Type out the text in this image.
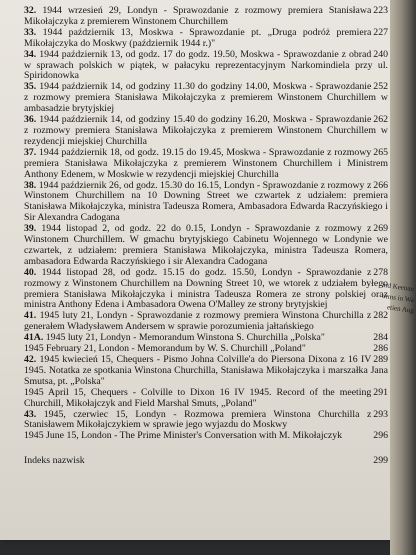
223
32. 1944 wrzesień 29, Londyn - Sprawozdanie z rozmowy premiera Stanisława Mikołajczyka z premierem Winstonem Churchillem
227
33. 1944 październik 13, Moskwa - Sprawozdanie pt. „Druga podróż premiera Mikołajczyka do Moskwy (październik 1944 r.)"
240
34. 1944 październik 13, od godz. 17 do godz. 19.50, Moskwa - Sprawozdanie z obrad w sprawach polskich w piątek, w pałacyku reprezentacyjnym Narkomindiela przy ul. Spiridonowka
252
35. 1944 październik 14, od godziny 11.30 do godziny 14.00, Moskwa - Sprawozdanie z rozmowy premiera Stanisława Mikołajczyka z premierem Winstonem Churchillem w ambasadzie brytyjskiej
262
36. 1944 październik 14, od godziny 15.40 do godziny 16.20, Moskwa - Sprawozdanie z rozmowy premiera Stanisława Mikołajczyka z premierem Winstonem Churchillem w rezydencji miejskiej Churchilla
265
37. 1944 październik 18, od godz. 19.15 do 19.45, Moskwa - Sprawozdanie z rozmowy premiera Stanisława Mikołajczyka z premierem Winstonem Churchillem i Ministrem Anthony Edenem, w Moskwie w rezydencji miejskiej Churchilla
266
38. 1944 październik 26, od godz. 15.30 do 16.15, Londyn - Sprawozdanie z rozmowy z Winstonem Churchillem na 10 Downing Street we czwartek z udziałem: premiera Stanisława Mikołajczyka, ministra Tadeusza Romera, Ambasadora Edwarda Raczyńskiego i Sir Alexandra Cadogana
269
39. 1944 listopad 2, od godz. 22 do 0.15, Londyn - Sprawozdanie z rozmowy z Winstonem Churchillem. W gmachu brytyjskiego Cabinetu Wojennego w Londynie we czwartek, z udziałem: premiera Stanisława Mikołajczyka, ministra Tadeusza Romera, ambasadora Edwarda Raczyńskiego i sir Alexandra Cadogana
278
40. 1944 listopad 28, od godz. 15.15 do godz. 15.50, Londyn - Sprawozdanie z rozmowy z Winstonem Churchillem na Downing Street 10, we wtorek z udziałem byłego premiera Stanisława Mikołajczyka i ministra Tadeusza Romera ze strony polskiej oraz ministra Anthony Edena i Ambasadora Owena O'Malley ze strony brytyjskiej
282
41. 1945 luty 21, Londyn - Sprawozdanie z rozmowy premiera Winstona Churchilla z generałem Władysławem Andersem w sprawie porozumienia jałtańskiego
284
41A. 1945 luty 21, Londyn - Memorandum Winstona S. Churchilla „Polska"
286
1945 February 21, London - Memorandum by W. S. Churchill „Poland"
289
42. 1945 kwiecień 15, Chequers - Pismo Johna Colville'a do Piersona Dixona z 16 IV 1945. Notatka ze spotkania Winstona Churchilla, Stanisława Mikołajczyka i marszałka Jana Smutsa, pt. „Polska"
291
1945 April 15, Chequers - Colville to Dixon 16 IV 1945. Record of the meeting Churchill, Mikołajczyk and Field Marshal Smuts, „Poland"
293
43. 1945, czerwiec 15, Londyn - Rozmowa premiera Winstona Churchilla z Stanisławem Mikołajczykiem w sprawie jego wyjazdu do Moskwy
296
1945 June 15, London - The Prime Minister's Conversation with M. Mikołajczyk
299
Indeks nazwisk
ind Keenan
orms in Wa
etien Aug
